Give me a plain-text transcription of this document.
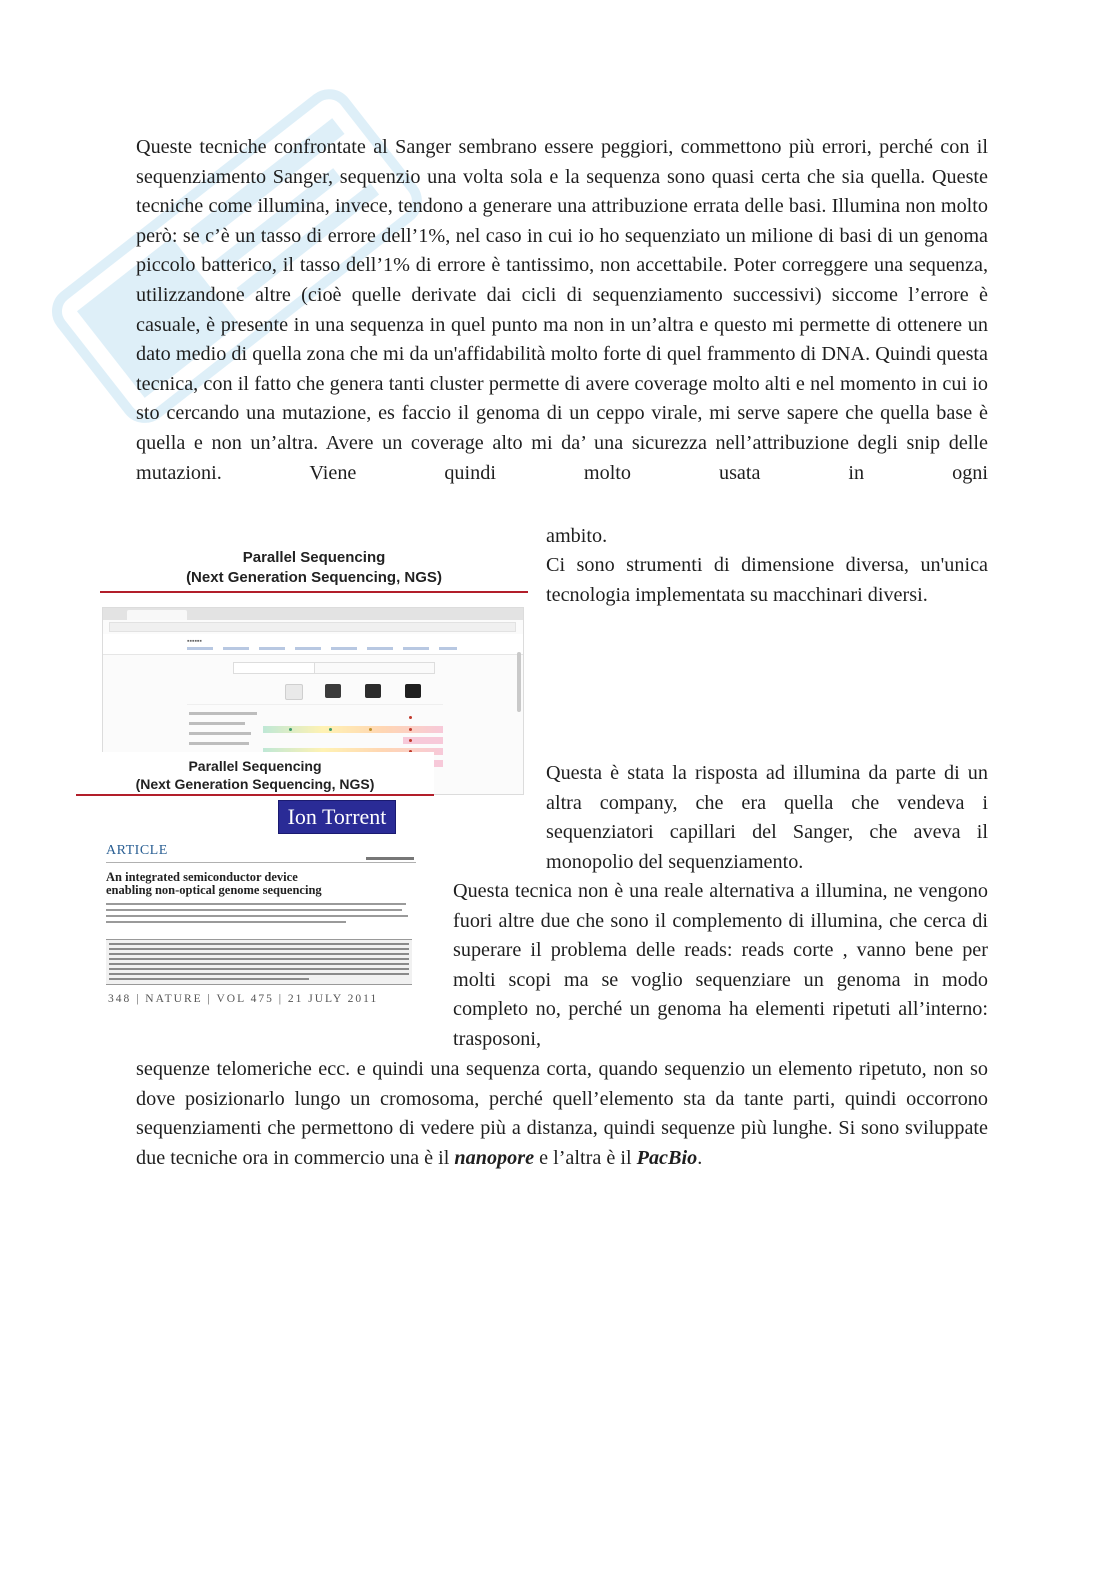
Queste tecniche confrontate al Sanger sembrano essere peggiori, commettono più errori, perché con il sequenziamento Sanger, sequenzio una volta sola e la sequenza sono quasi certa che sia quella. Queste tecniche come illumina, invece, tendono a generare una attribuzione errata delle basi. Illumina non molto però: se c’è un tasso di errore dell’1%, nel caso in cui io ho sequenziato un milione di basi di un genoma piccolo batterico, il tasso dell’1% di errore è tantissimo, non accettabile. Poter correggere una sequenza, utilizzandone altre (cioè quelle derivate dai cicli di sequenziamento successivi) siccome l’errore è casuale, è presente in una sequenza in quel punto ma non in un’altra e questo mi permette di ottenere un dato medio di quella zona che mi da un'affidabilità molto forte di quel frammento di DNA. Quindi questa tecnica, con il fatto che genera tanti cluster permette di avere coverage molto alti e nel momento in cui io sto cercando una mutazione, es faccio il genoma di un ceppo virale, mi serve sapere che quella base è quella e non un’altra. Avere un coverage alto mi da’ una sicurezza nell’attribuzione degli snip delle mutazioni. Viene quindi molto usata in ogni

ambito.

Ci sono strumenti di dimensione diversa, un'unica tecnologia implementata su macchinari diversi.

Questa è stata la risposta ad illumina da parte di un altra company, che era quella che vendeva i sequenziatori capillari del Sanger, che aveva il monopolio del sequenziamento.

Questa tecnica non è una reale alternativa a illumina, ne vengono fuori altre due che sono il complemento di illumina, che cerca di superare il problema delle reads: reads corte , vanno bene per molti scopi ma se voglio sequenziare un genoma in modo completo no, perché un genoma ha elementi ripetuti all’interno: trasposoni,

sequenze telomeriche ecc. e quindi una sequenza corta, quando sequenzio un elemento ripetuto, non so dove posizionarlo lungo un cromosoma, perché quell’elemento sta da tante parti, quindi occorrono sequenziamenti che permettono di vedere più a distanza, quindi sequenze più lunghe. Si sono sviluppate due tecniche ora in commercio una è il nanopore e l’altra è il PacBio.

Parallel Sequencing
(Next Generation Sequencing, NGS)
▪▪▪▪▪▪
Parallel Sequencing
(Next Generation Sequencing, NGS)
Ion Torrent
ARTICLE
An integrated semiconductor device
enabling non-optical genome sequencing
348 | NATURE | VOL 475 | 21 JULY 2011
